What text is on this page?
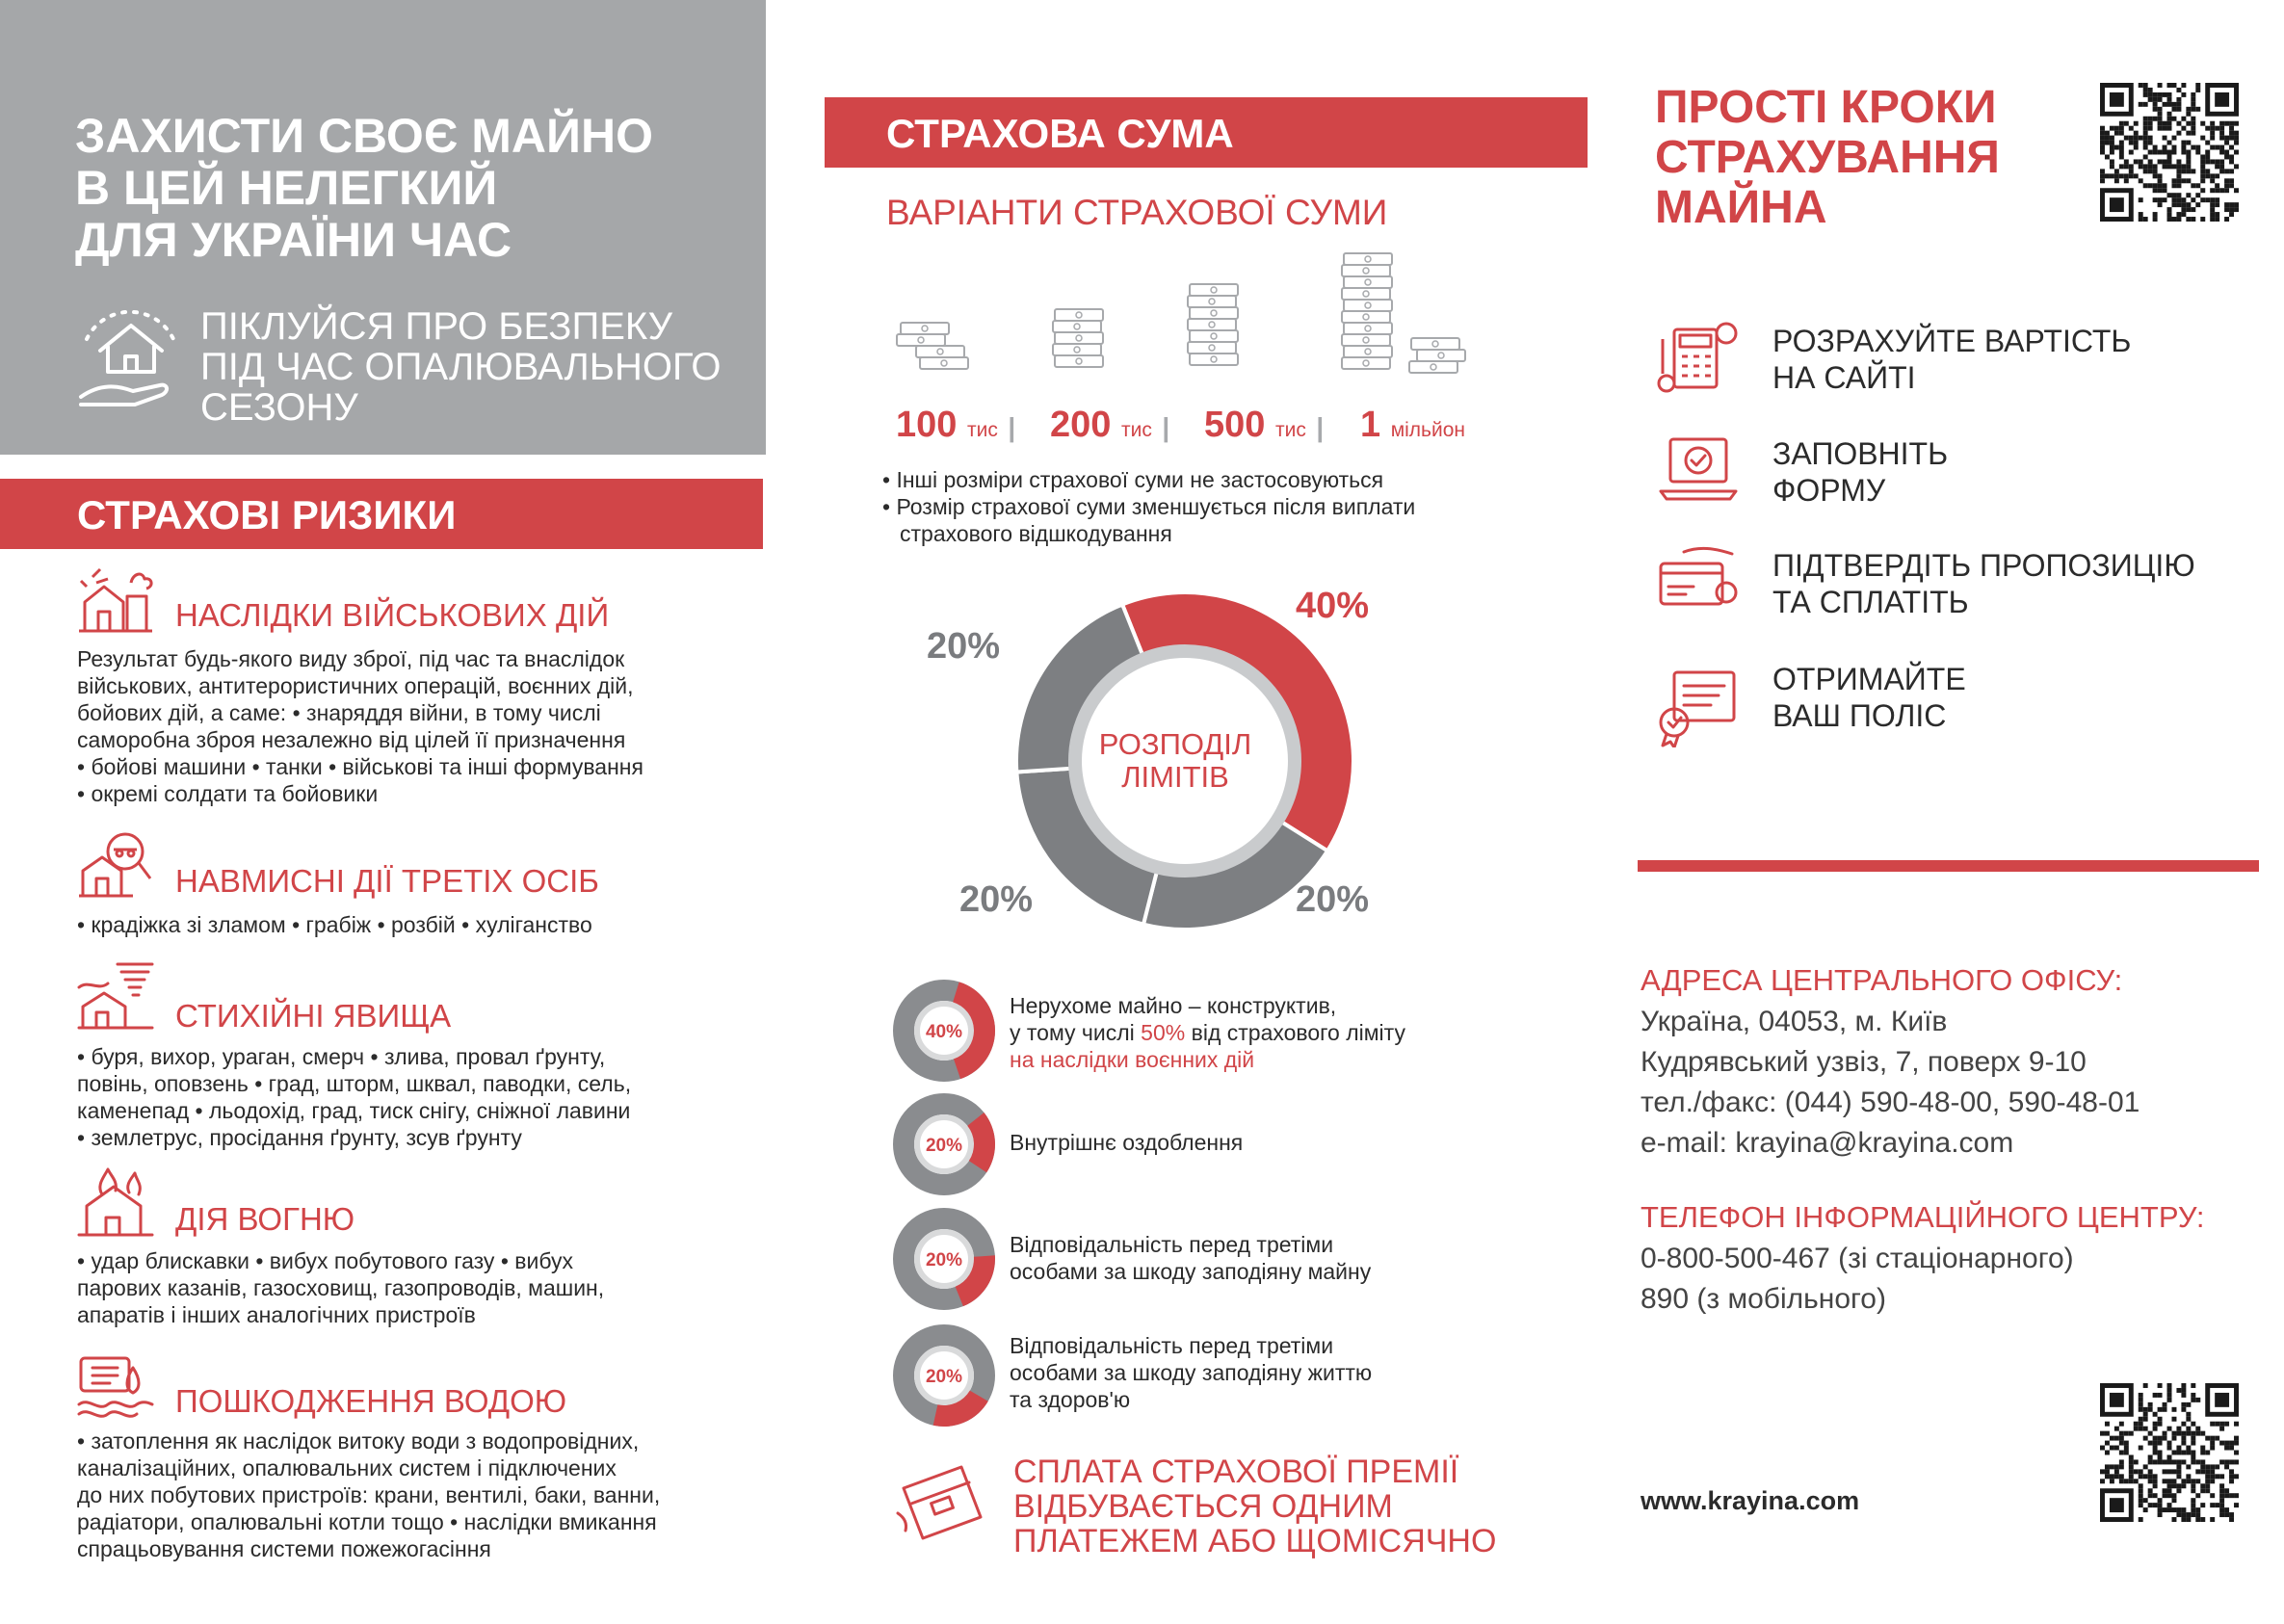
ЗАХИСТИ СВОЄ МАЙНО
В ЦЕЙ НЕЛЕГКИЙ
ДЛЯ УКРАЇНИ ЧАС
ПІКЛУЙСЯ ПРО БЕЗПЕКУ
ПІД ЧАС ОПАЛЮВАЛЬНОГО
СЕЗОНУ
СТРАХОВІ РИЗИКИ
НАСЛІДКИ ВІЙСЬКОВИХ ДІЙ
Результат будь-якого виду зброї, під час та внаслідок
військових, антитерористичних операцій, воєнних дій,
бойових дій, а саме: • знаряддя війни, в тому числі
саморобна зброя незалежно від цілей її призначення
• бойові машини • танки • військові та інші формування
• окремі солдати та бойовики
НАВМИСНІ ДІЇ ТРЕТІХ ОСІБ
• крадіжка зі зламом • грабіж • розбій • хуліганство
СТИХІЙНІ ЯВИЩА
• буря, вихор, ураган, смерч • злива, провал ґрунту,
повінь, оповзень • град, шторм, шквал, паводки, сель,
каменепад • льодохід, град, тиск снігу, сніжної лавини
• землетрус, просідання ґрунту, зсув ґрунту
ДІЯ ВОГНЮ
• удар блискавки • вибух побутового газу • вибух
парових казанів, газосховищ, газопроводів, машин,
апаратів і інших аналогічних пристроїв
ПОШКОДЖЕННЯ ВОДОЮ
• затоплення як наслідок витоку води з водопровідних,
каналізаційних, опалювальних систем і підключених
до них побутових пристроїв: крани, вентилі, баки, ванни,
радіатори, опалювальні котли тощо • наслідки вмикання
спрацьовування системи пожежогасіння
СТРАХОВА СУМА
ВАРІАНТИ СТРАХОВОЇ СУМИ
100 тис | 200 тис | 500 тис | 1 мільйон
• Інші розміри страхової суми не застосовуються
• Розмір страхової суми зменшується після виплати
страхового відшкодування
РОЗПОДІЛ ЛІМІТІВ
40%
20%
20%
20%
40%
Нерухоме майно – конструктив,
у тому числі 50% від страхового ліміту
на наслідки воєнних дій
20% Внутрішнє оздоблення
20%
Відповідальність перед третіми
особами за шкоду заподіяну майну
20%
Відповідальність перед третіми
особами за шкоду заподіяну життю
та здоров'ю
СПЛАТА СТРАХОВОЇ ПРЕМІЇ
ВІДБУВАЄТЬСЯ ОДНИМ
ПЛАТЕЖЕМ АБО ЩОМІСЯЧНО
ПРОСТІ КРОКИ
СТРАХУВАННЯ
МАЙНА
РОЗРАХУЙТЕ ВАРТІСТЬ
НА САЙТІ
ЗАПОВНІТЬ
ФОРМУ
ПІДТВЕРДІТЬ ПРОПОЗИЦІЮ
ТА СПЛАТІТЬ
ОТРИМАЙТЕ
ВАШ ПОЛІС
АДРЕСА ЦЕНТРАЛЬНОГО ОФІСУ:
Україна, 04053, м. Київ
Кудрявський узвіз, 7, поверх 9-10
тел./факс: (044) 590-48-00, 590-48-01
e-mail: krayina@krayina.com
ТЕЛЕФОН ІНФОРМАЦІЙНОГО ЦЕНТРУ:
0-800-500-467 (зі стаціонарного)
890 (з мобільного)
www.krayina.com
